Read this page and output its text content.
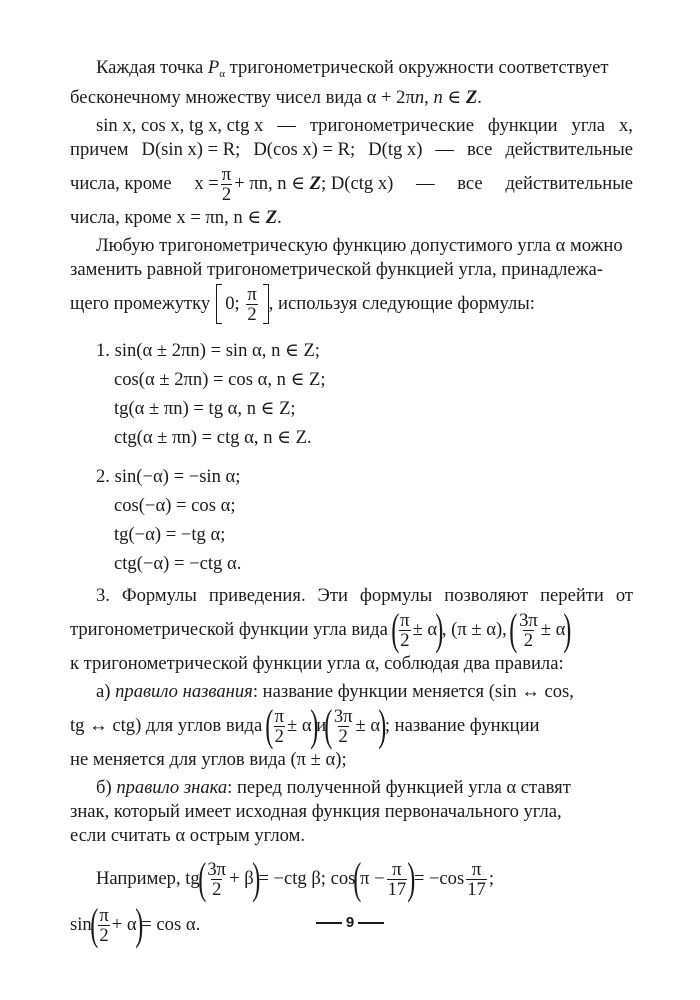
Каждая точка $P_\alpha$ тригонометрической окружности соответствует
бесконечному множеству чисел вида α + 2πn, n ∈ Z.
sin x, cos x, tg x, ctg x — тригонометрические функции угла x,
причем D(sin x) = R; D(cos x) = R; D(tg x) — все действительные
числа, кроме $x = \frac{\pi}{2} + \pi n$, n ∈
Z ; D(ctg x) — все действительные
числа, кроме x = πn, n ∈ Z.
Любую тригонометрическую функцию допустимого угла α можно
заменить равной тригонометрической функцией угла, принадлежа-
щего промежутку 0;
$\frac{\pi}{2}$ , используя следующие формулы:
1. sin(α ± 2πn) = sin α, n ∈ Z;
cos(α ± 2πn) = cos α, n ∈ Z;
tg(α ± πn) = tg α, n ∈ Z;
ctg(α ± πn) = ctg α, n ∈ Z.
2. sin(−α) = −sin α;
cos(−α) = cos α;
tg(−α) = −tg α;
ctg(−α) = −ctg α.
3. Формулы приведения. Эти формулы позволяют перейти от
тригонометрической функции угла вида
( $\frac{\pi}{2} \pm \alpha$
)
, (π ± α),
( $\frac{3\pi}{2} \pm \alpha$
)
к тригонометрической функции угла α, соблюдая два правила:
а) правило названия: название функции меняется (sin ↔ cos,
tg ↔ ctg) для углов вида
( $\frac{\pi}{2} \pm \alpha$
)
и
( $\frac{3\pi}{2} \pm \alpha$
)
; название функции
не меняется для углов вида (π ± α);
б) правило знака: перед полученной функцией угла α ставят
знак, который имеет исходная функция первоначального угла,
если считать α острым углом.
Например, tg
( $\frac{3\pi}{2} + \beta$
)
= −ctg β; cos
(
$\pi - \frac{\pi}{17}$ )
= $-\cos \frac{\pi}{17}$ ;
sin
( $\frac{\pi}{2} + \alpha$
)
= cos α.	9
